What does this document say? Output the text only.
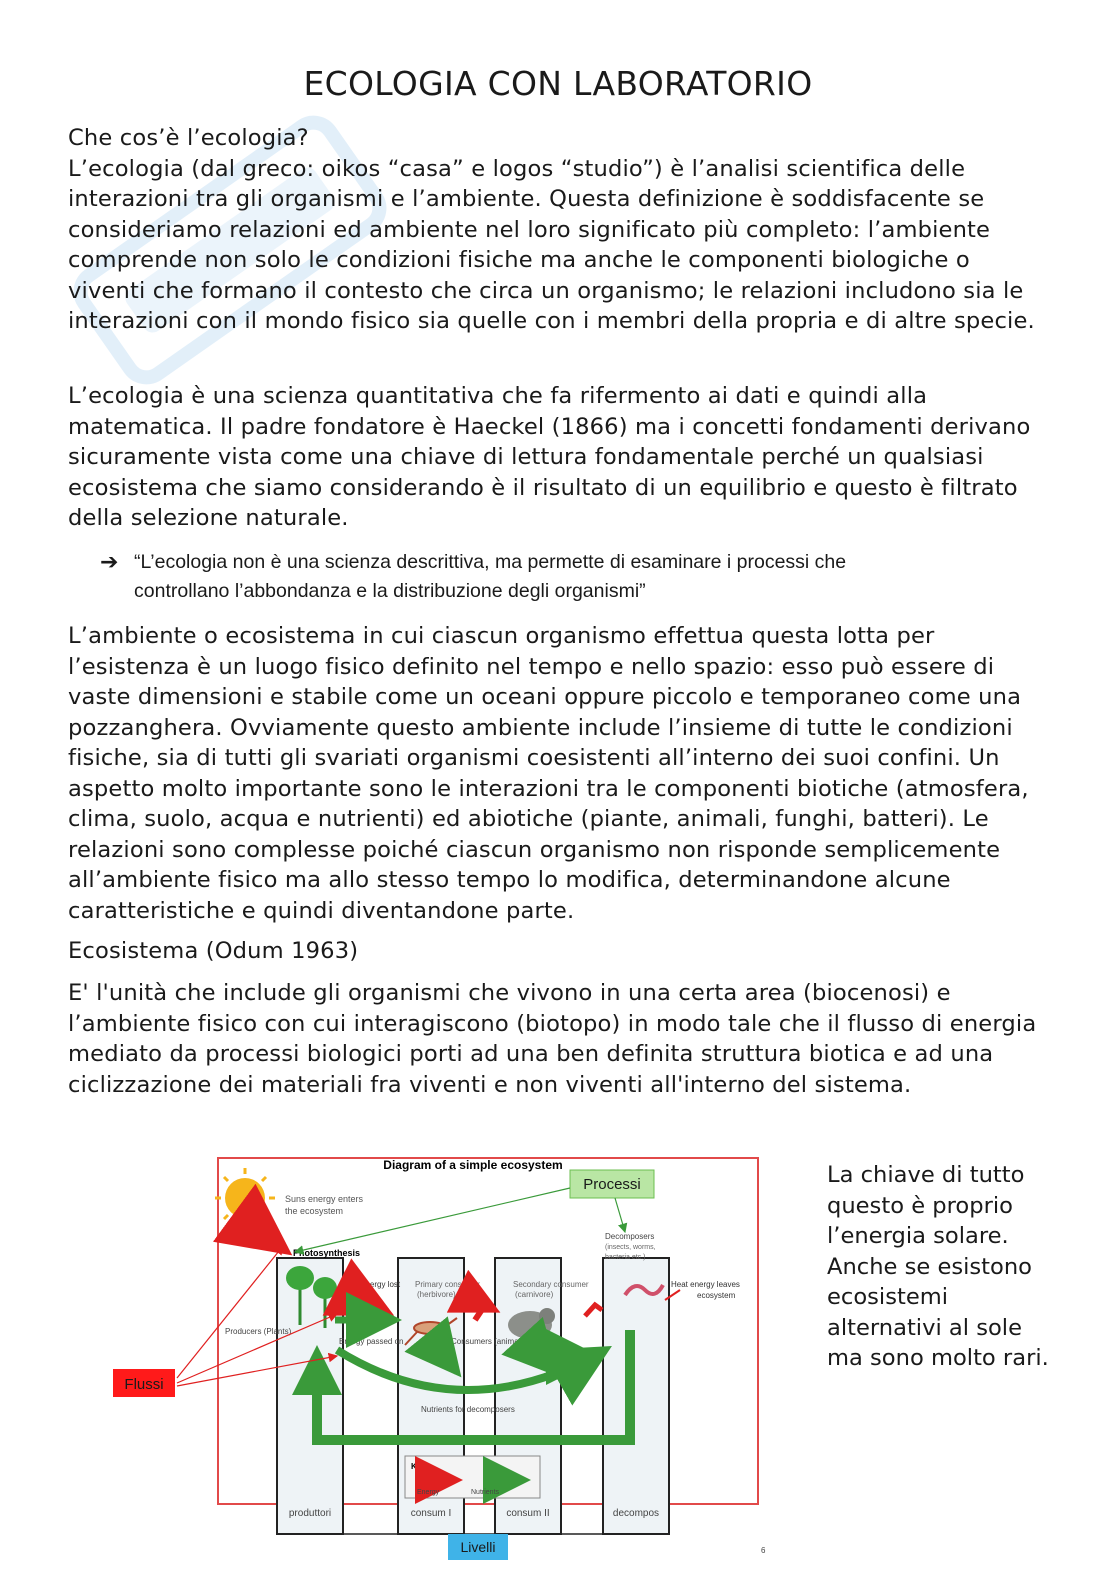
ECOLOGIA CON LABORATORIO

Che cos’è l’ecologia?

L’ecologia (dal greco: oikos “casa” e logos “studio”) è l’analisi scientifica delle interazioni tra gli organismi e l’ambiente. Questa definizione è soddisfacente se consideriamo relazioni ed ambiente nel loro significato più completo: l’ambiente comprende non solo le condizioni fisiche ma anche le componenti biologiche o viventi che formano il contesto che circa un organismo; le relazioni includono sia le interazioni con il mondo fisico sia quelle con i membri della propria e di altre specie.

L’ecologia è una scienza quantitativa che fa rifermento ai dati e quindi alla matematica. Il padre fondatore è Haeckel (1866) ma i concetti fondamenti derivano sicuramente vista come una chiave di lettura fondamentale perché un qualsiasi ecosistema che siamo considerando è il risultato di un equilibrio e questo è filtrato della selezione naturale.

➔ “L’ecologia non è una scienza descrittiva, ma permette di esaminare i processi che
controllano l’abbondanza e la distribuzione degli organismi”

L’ambiente o ecosistema in cui ciascun organismo effettua questa lotta per l’esistenza è un luogo fisico definito nel tempo e nello spazio: esso può essere di vaste dimensioni e stabile come un oceani oppure piccolo e temporaneo come una pozzanghera. Ovviamente questo ambiente include l’insieme di tutte le condizioni fisiche, sia di tutti gli svariati organismi coesistenti all’interno dei suoi confini. Un aspetto molto importante sono le interazioni tra le componenti biotiche (atmosfera, clima, suolo, acqua e nutrienti) ed abiotiche (piante, animali, funghi, batteri). Le relazioni sono complesse poiché ciascun organismo non risponde semplicemente all’ambiente fisico ma allo stesso tempo lo modifica, determinandone alcune caratteristiche e quindi diventandone parte.

Ecosistema (Odum 1963)

E' l'unità che include gli organismi che vivono in una certa area (biocenosi) e l’ambiente fisico con cui interagiscono (biotopo) in modo tale che il flusso di energia mediato da processi biologici porti ad una ben definita struttura biotica e ad una ciclizzazione dei materiali fra viventi e non viventi all'interno del sistema.

La chiave di tutto questo è proprio l’energia solare. Anche se esistono ecosistemi alternativi al sole ma sono molto rari.
Diagram of a simple ecosystem
Suns energy enters
the ecosystem
Photosynthesis
Producers (Plants)
Heat Energy lost Primary consumer
(herbivore)
Secondary consumer
(carnivore)
Decomposers
(insects, worms,
bacteria etc.)
Heat energy leaves
ecosystem
Energy passed on	Consumers (animals)
Nutrients for decomposers
Key
Energy	Nutrients
produttori	consum I	consum II	decompos
Processi
Flussi
Livelli	6
